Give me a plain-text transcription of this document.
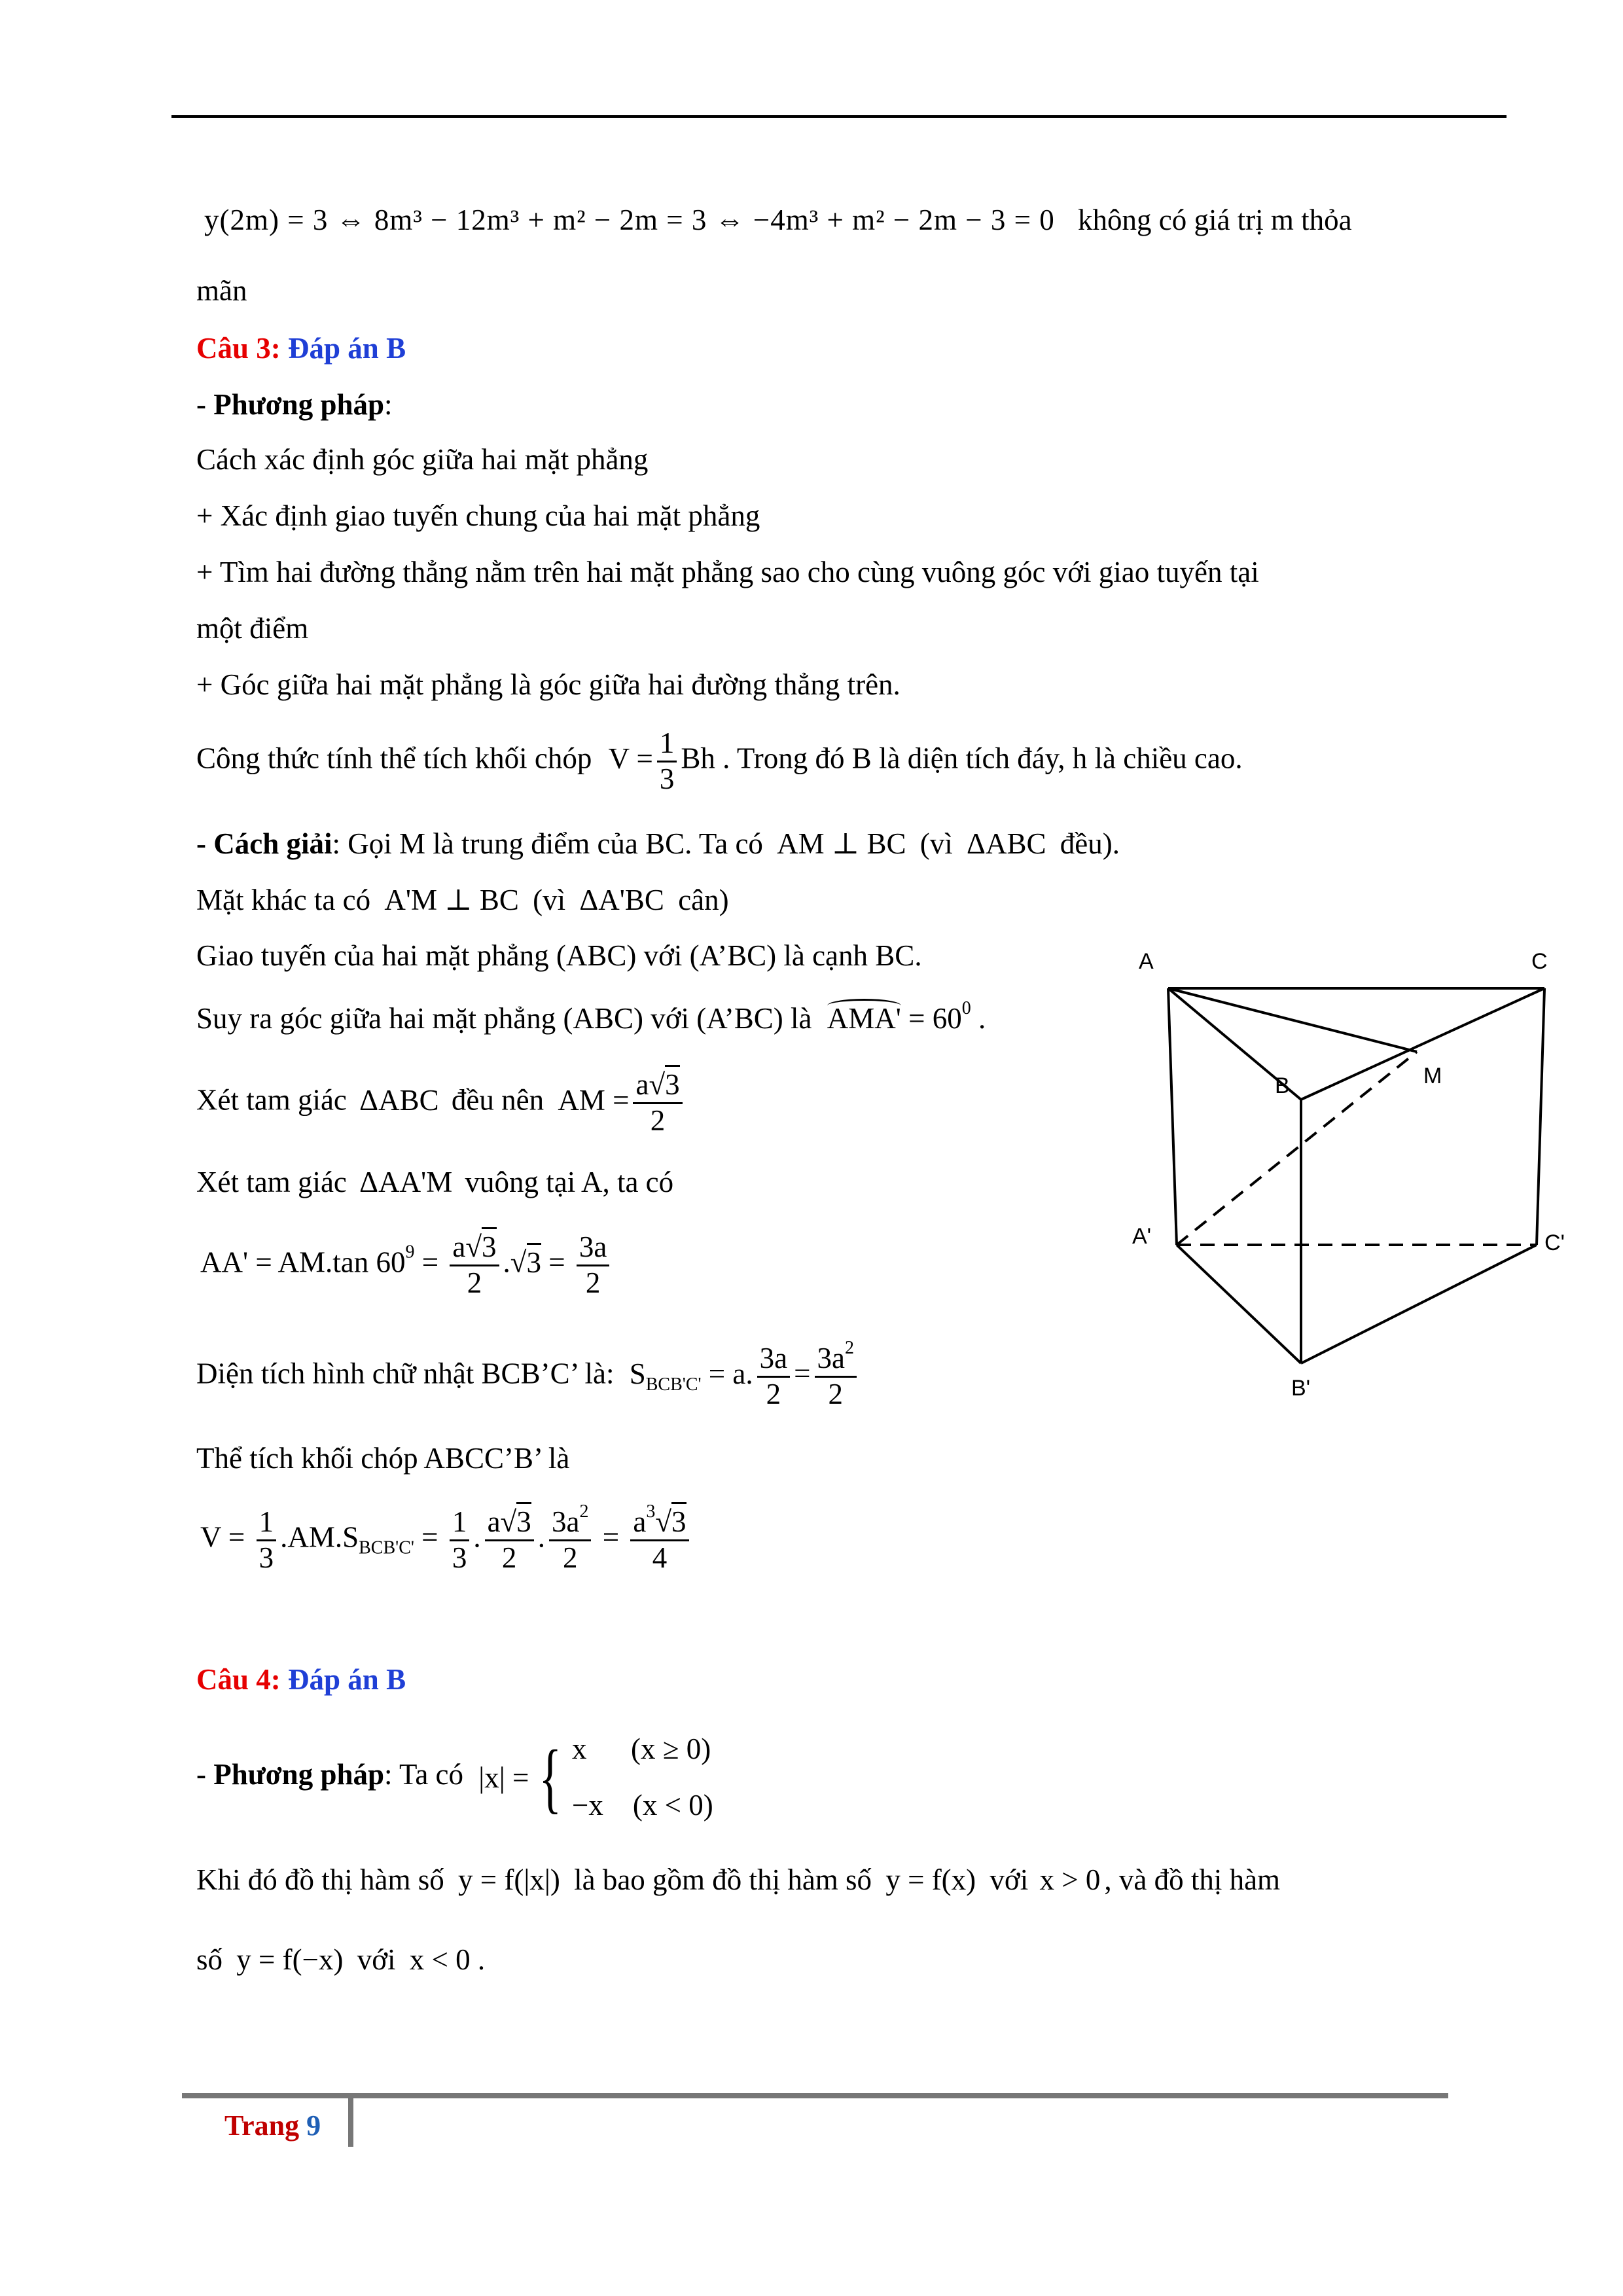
y(2m) = 3 ⇔ 8m³ − 12m³ + m² − 2m = 3 ⇔ −4m³ + m² − 2m − 3 = 0 không có giá trị m thỏa
mãn
Câu 3: Đáp án B
- Phương pháp:
Cách xác định góc giữa hai mặt phẳng
+ Xác định giao tuyến chung của hai mặt phẳng
+ Tìm hai đường thẳng nằm trên hai mặt phẳng sao cho cùng vuông góc với giao tuyến tại
một điểm
+ Góc giữa hai mặt phẳng là góc giữa hai đường thẳng trên.
Công thức tính thể tích khối chóp $V = \frac{1}{3}$ Bh . Trong đó B là diện tích đáy, h là chiều cao.
- Cách giải: Gọi M là trung điểm của BC. Ta có AM ⊥ BC (vì ΔABC đều).
Mặt khác ta có A'M ⊥ BC (vì ΔA'BC cân)
Giao tuyến của hai mặt phẳng (ABC) với (A’BC) là cạnh BC.
Suy ra góc giữa hai mặt phẳng (ABC) với (A’BC) là $AMA' = 60^0$ .
Xét tam giác ΔABC đều nên AM = $\frac{a√3}{2}$
Xét tam giác ΔAA'M vuông tại A, ta có
AA' = AM.tan $60^9 = \frac{a√3}{2} .√3 = \frac{3a}{2}$
Diện tích hình chữ nhật BCB’C’ là: $S_{BCB'C'} = a$. $\frac{3a}{2} = \frac{3a^2}{2}$
Thể tích khối chóp ABCC’B’ là
$V = \frac{1}{3} .AM.S_{BCB'C'} = \frac{1}{3}$ . $\frac{a√3}{2}$ . $\frac{3a^2}{2} = \frac{a^3√3}{4}$
Câu 4: Đáp án B
- Phương pháp: Ta có |x| = { x      (x ≥ 0)
−x    (x < 0)
Khi đó đồ thị hàm số y = f(|x|) là bao gồm đồ thị hàm số y = f(x) với x > 0 , và đồ thị hàm
số y = f(−x) với x < 0 .
A	C
B	M
A'	C'
B'
Trang 9
